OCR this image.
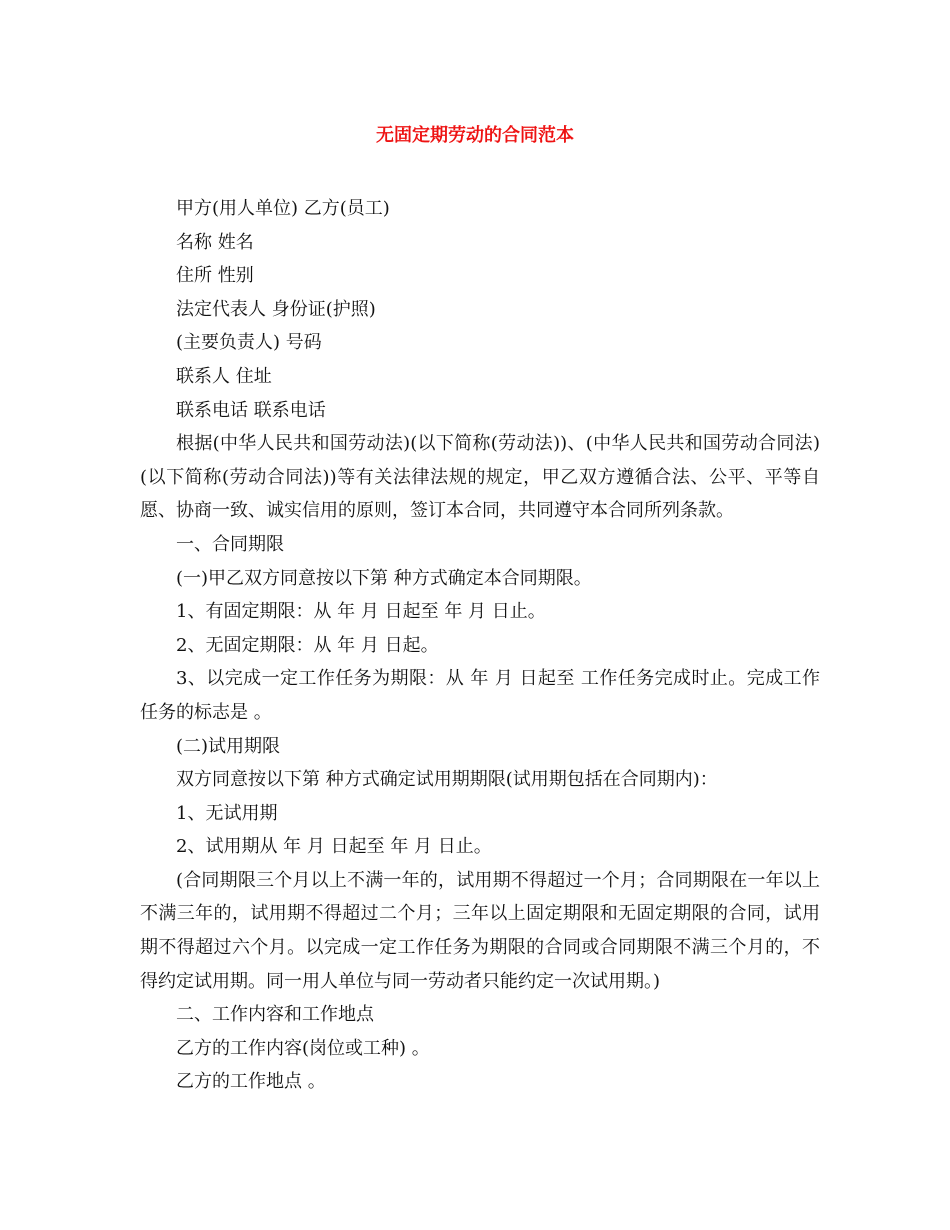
无固定期劳动的合同范本

甲方(用人单位) 乙方(员工)

名称 姓名

住所 性别

法定代表人 身份证(护照)

(主要负责人) 号码

联系人 住址

联系电话 联系电话

根据(中华人民共和国劳动法)(以下简称(劳动法))、(中华人民共和国劳动合同法)(以下简称(劳动合同法))等有关法律法规的规定，甲乙双方遵循合法、公平、平等自愿、协商一致、诚实信用的原则，签订本合同，共同遵守本合同所列条款。

一、合同期限

(一)甲乙双方同意按以下第 种方式确定本合同期限。

1、有固定期限：从 年 月 日起至 年 月 日止。

2、无固定期限：从 年 月 日起。

3、以完成一定工作任务为期限：从 年 月 日起至 工作任务完成时止。完成工作任务的标志是 。

(二)试用期限

双方同意按以下第 种方式确定试用期期限(试用期包括在合同期内)：

1、无试用期

2、试用期从 年 月 日起至 年 月 日止。

(合同期限三个月以上不满一年的，试用期不得超过一个月；合同期限在一年以上不满三年的，试用期不得超过二个月；三年以上固定期限和无固定期限的合同，试用期不得超过六个月。以完成一定工作任务为期限的合同或合同期限不满三个月的，不得约定试用期。同一用人单位与同一劳动者只能约定一次试用期。)

二、工作内容和工作地点

乙方的工作内容(岗位或工种) 。

乙方的工作地点 。
